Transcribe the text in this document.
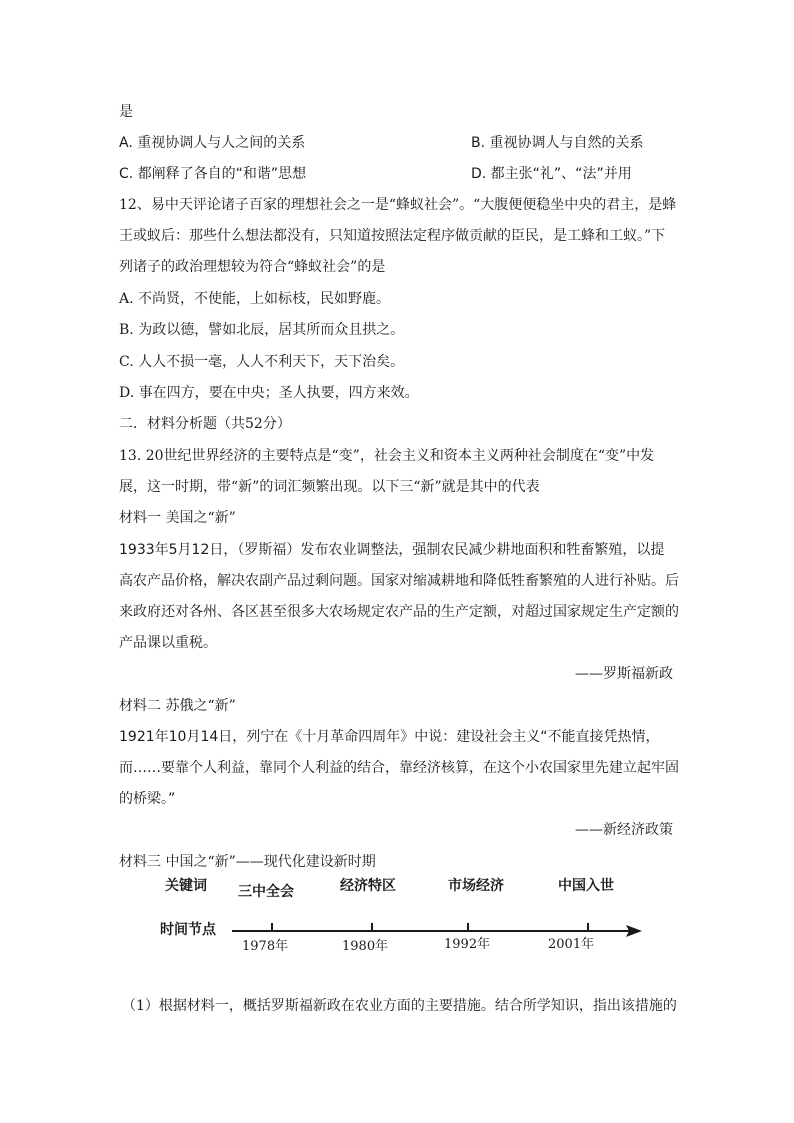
是
A. 重视协调人与人之间的关系	B. 重视协调人与自然的关系
C. 都阐释了各自的“和谐”思想	D. 都主张“礼”、“法”并用
12、易中天评论诸子百家的理想社会之一是“蜂蚁社会”。“大腹便便稳坐中央的君主，是蜂
王或蚁后：那些什么想法都没有，只知道按照法定程序做贡献的臣民，是工蜂和工蚁。”下
列诸子的政治理想较为符合“蜂蚁社会”的是
A. 不尚贤，不使能，上如标枝，民如野鹿。
B. 为政以德，譬如北辰，居其所而众且拱之。
C. 人人不损一毫，人人不利天下，天下治矣。
D. 事在四方，要在中央；圣人执要，四方来效。
二．材料分析题（共52分）
13. 20世纪世界经济的主要特点是“变”，社会主义和资本主义两种社会制度在“变”中发
展，这一时期，带“新”的词汇频繁出现。以下三“新”就是其中的代表
材料一 美国之“新”
1933年5月12日，（罗斯福）发布农业调整法，强制农民减少耕地面积和牲畜繁殖，以提
高农产品价格，解决农副产品过剩问题。国家对缩减耕地和降低牲畜繁殖的人进行补贴。后
来政府还对各州、各区甚至很多大农场规定农产品的生产定额，对超过国家规定生产定额的
产品课以重税。
——罗斯福新政
材料二 苏俄之“新”
1921年10月14日，列宁在《十月革命四周年》中说：建设社会主义“不能直接凭热情，
而……要靠个人利益，靠同个人利益的结合，靠经济核算，在这个小农国家里先建立起牢固
的桥梁。”
——新经济政策
材料三 中国之“新”——现代化建设新时期
关键词
时间节点
三中全会	经济特区	市场经济	中国入世
1978年	1980年	1992年	2001年
（1）根据材料一，概括罗斯福新政在农业方面的主要措施。结合所学知识，指出该措施的
